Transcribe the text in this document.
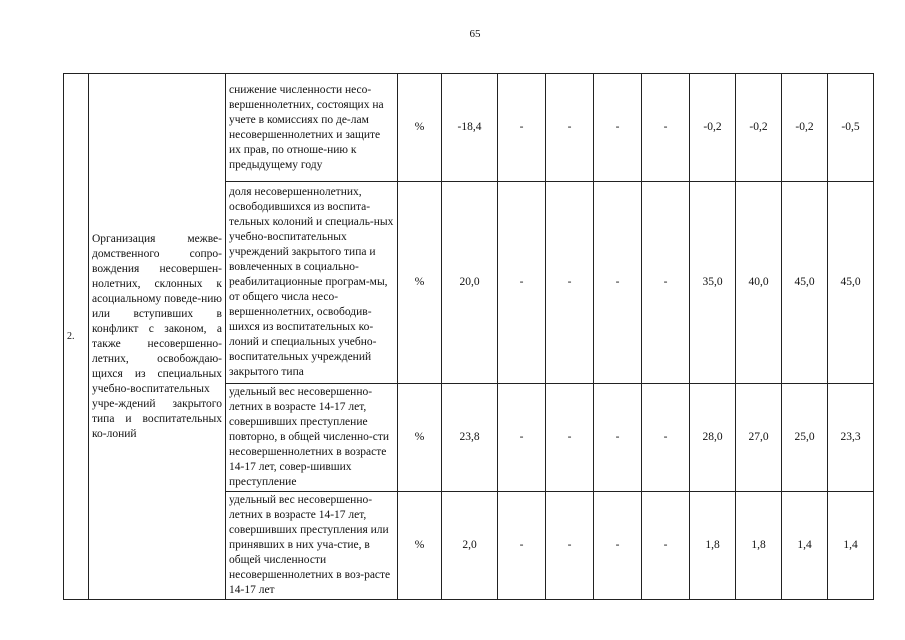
65
2.	Организация межве-домственного сопро-вождения несовершен-нолетних, склонных к асоциальному поведе-нию или вступивших в конфликт с законом, а также несовершенно-летних, освобождаю-щихся из специальных учебно-воспитательных учре-ждений закрытого типа и воспитательных ко-лоний	снижение численности несо-вершеннолетних, состоящих на учете в комиссиях по де-лам несовершеннолетних и защите их прав, по отноше-нию к предыдущему году	%	-18,4	-	-	-	-	-0,2	-0,2	-0,2	-0,5
		доля несовершеннолетних, освободившихся из воспита-тельных колоний и специаль-ных учебно-воспитательных учреждений закрытого типа и вовлеченных в социально-реабилитационные програм-мы, от общего числа несо-вершеннолетних, освободив-шихся из воспитательных ко-лоний и специальных учебно-воспитательных учреждений закрытого типа	%	20,0	-	-	-	-	35,0	40,0	45,0	45,0
		удельный вес несовершенно-летних в возрасте 14-17 лет, совершивших преступление повторно, в общей численно-сти несовершеннолетних в возрасте 14-17 лет, совер-шивших преступление	%	23,8	-	-	-	-	28,0	27,0	25,0	23,3
		удельный вес несовершенно-летних в возрасте 14-17 лет, совершивших преступления или принявших в них уча-стие, в общей численности несовершеннолетних в воз-расте 14-17 лет	%	2,0	-	-	-	-	1,8	1,8	1,4	1,4
